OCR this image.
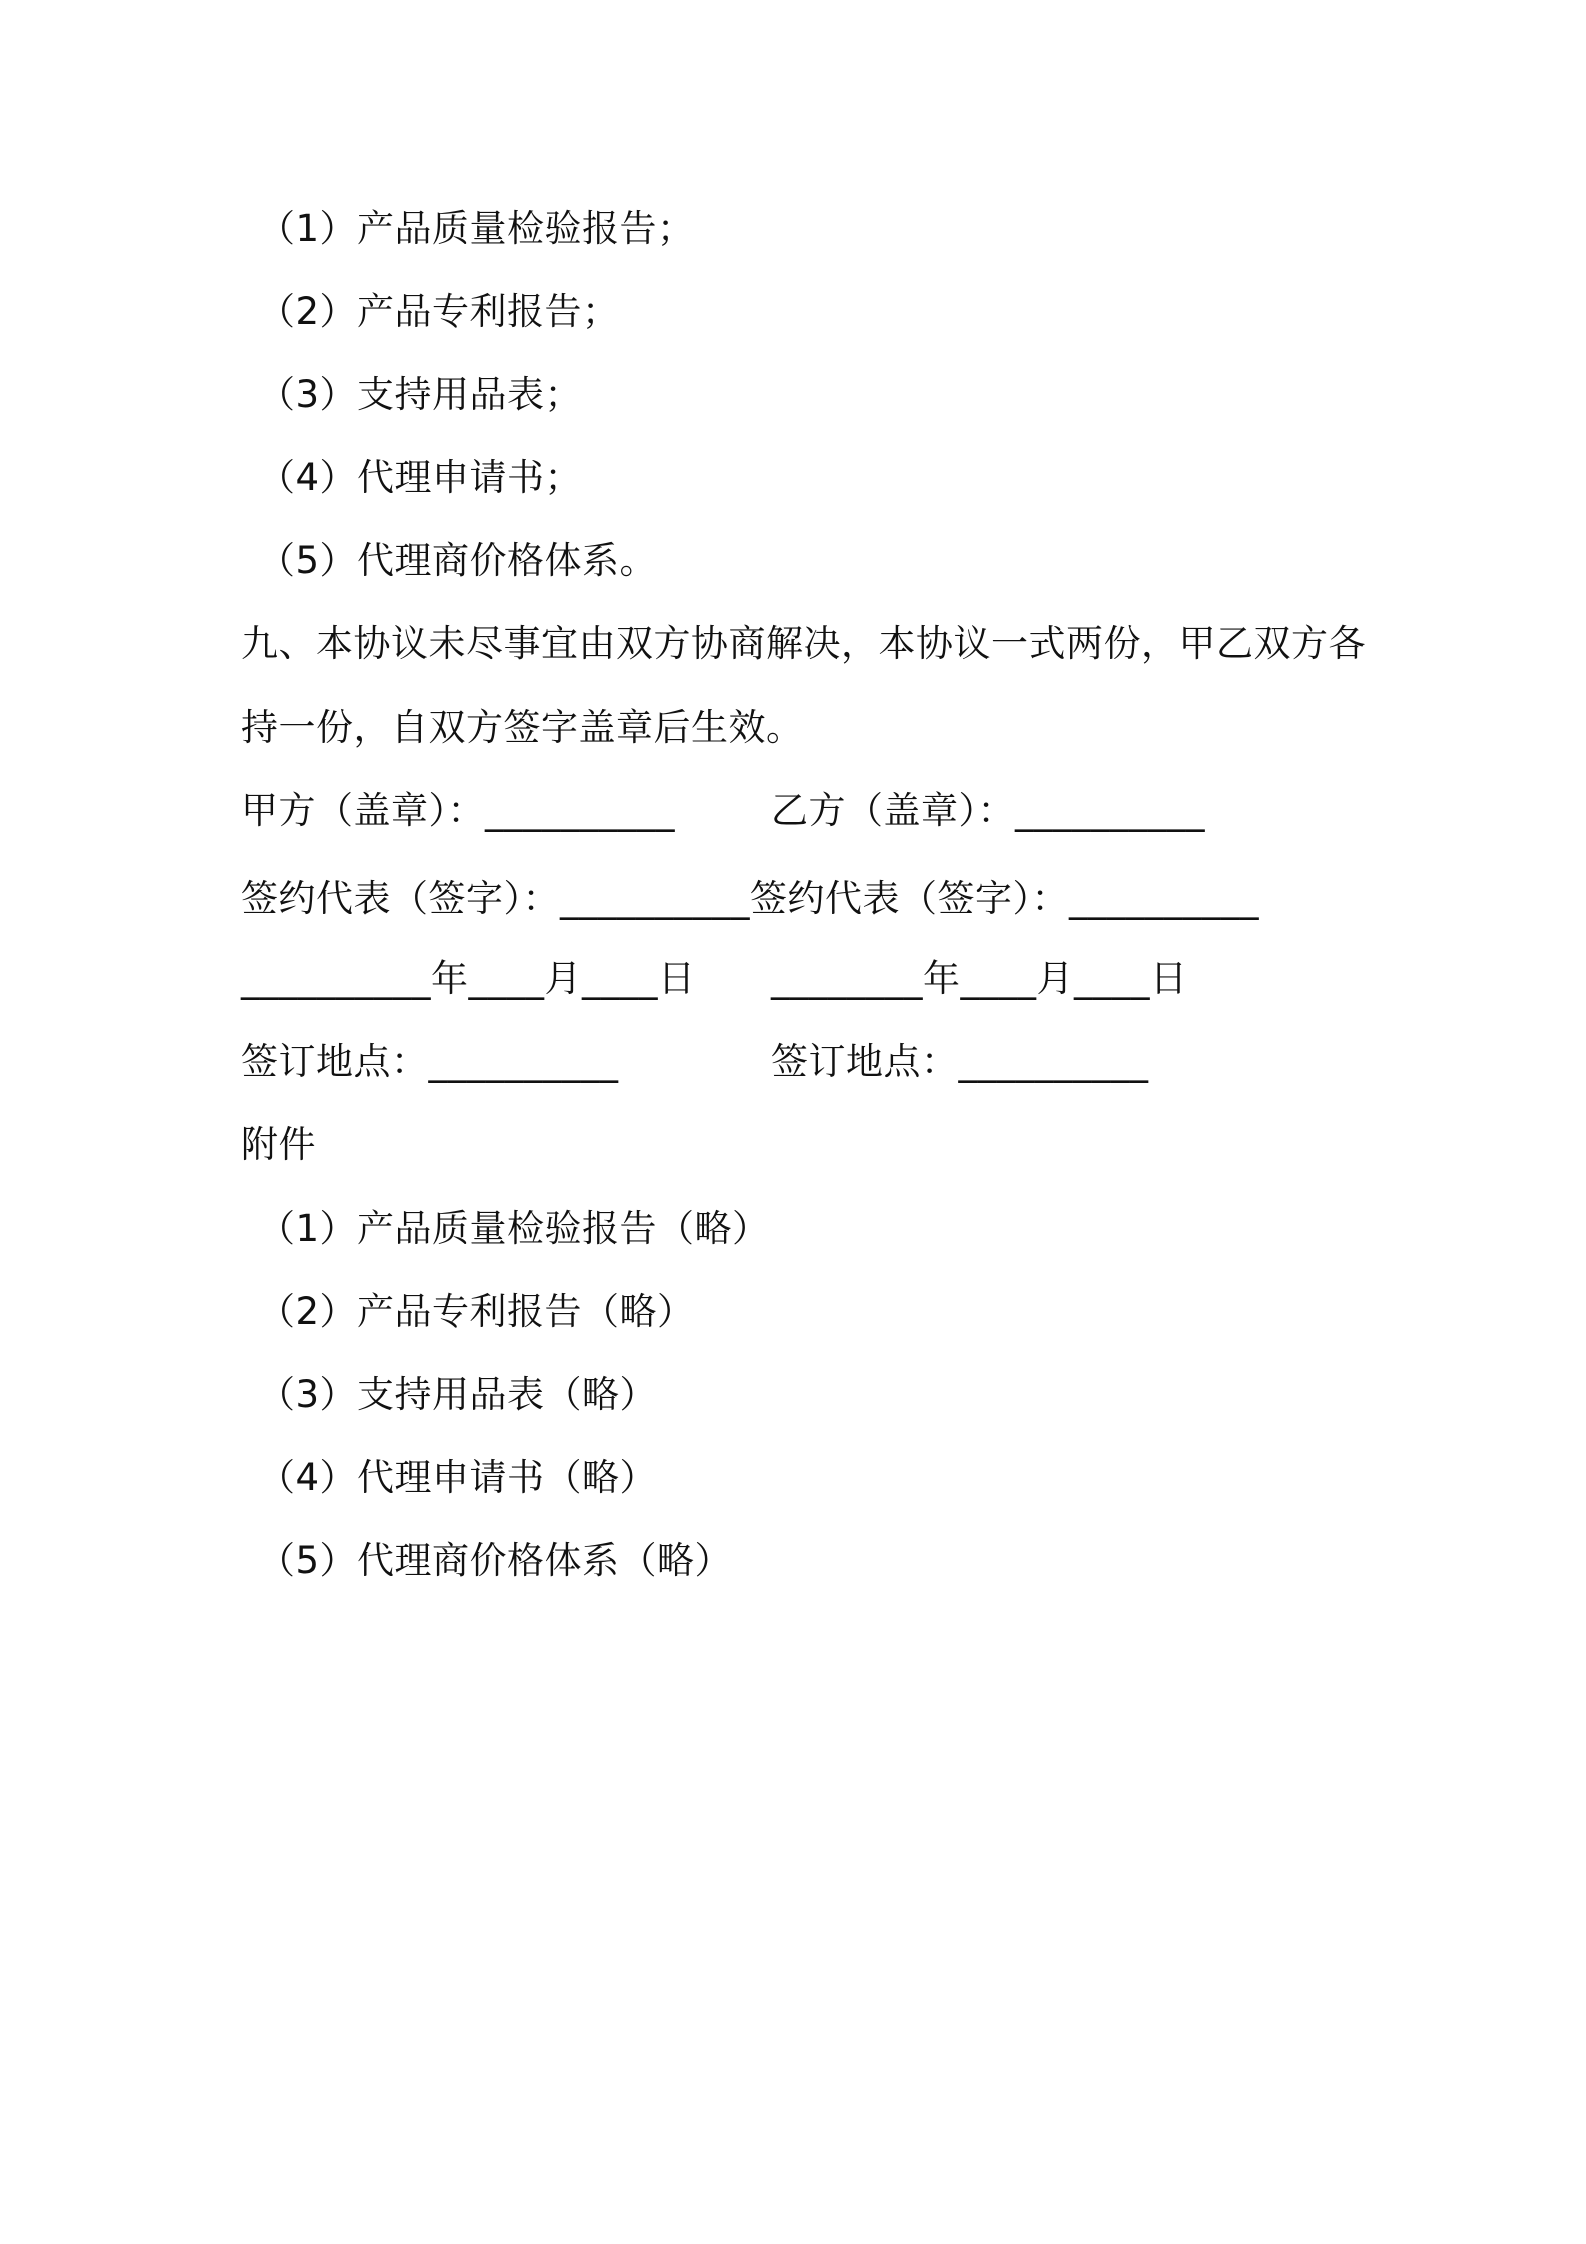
（1）产品质量检验报告；
（2）产品专利报告；
（3）支持用品表；
（4）代理申请书；
（5）代理商价格体系。
九、本协议未尽事宜由双方协商解决，本协议一式两份，甲乙双方各
持一份，自双方签字盖章后生效。
甲方（盖章）：__________	乙方（盖章）：__________
签约代表（签字）：__________ 签约代表（签字）：__________
__________年____月____日 ________年____月____日
签订地点：__________	签订地点：__________
附件
（1）产品质量检验报告（略）
（2）产品专利报告（略）
（3）支持用品表（略）
（4）代理申请书（略）
（5）代理商价格体系（略）
